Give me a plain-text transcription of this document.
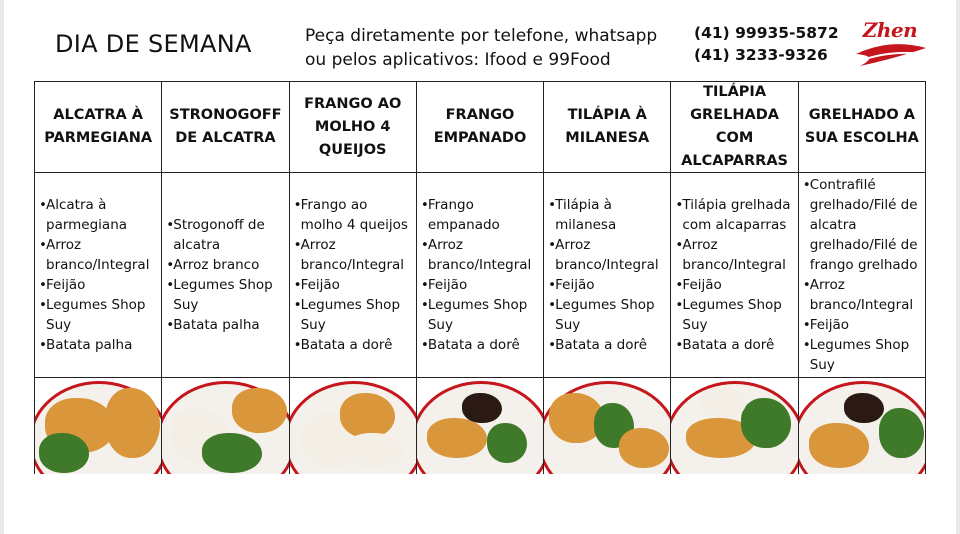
DIA DE SEMANA	Peça diretamente por telefone, whatsapp
ou pelos aplicativos: Ifood e 99Food
(41) 99935-5872
(41) 3233-9326
Zhen
ALCATRA À PARMEGIANA
STRONOGOFF DE ALCATRA
FRANGO AO MOLHO 4 QUEIJOS
FRANGO EMPANADO
TILÁPIA À MILANESA
TILÁPIA GRELHADA COM ALCAPARRAS
GRELHADO A SUA ESCOLHA
• Alcatra à parmegiana
• Arroz branco/Integral
• Feijão
• Legumes Shop Suy
• Batata palha
• Strogonoff de alcatra
• Arroz branco
• Legumes Shop Suy
• Batata palha
• Frango ao molho 4 queijos
• Arroz branco/Integral
• Feijão
• Legumes Shop Suy
• Batata a dorê
• Frango empanado
• Arroz branco/Integral
• Feijão
• Legumes Shop Suy
• Batata a dorê
• Tilápia à milanesa
• Arroz branco/Integral
• Feijão
• Legumes Shop Suy
• Batata a dorê
• Tilápia grelhada com alcaparras
• Arroz branco/Integral
• Feijão
• Legumes Shop Suy
• Batata a dorê
• Contrafilé grelhado/Filé de alcatra grelhado/Filé de frango grelhado
• Arroz branco/Integral
• Feijão
• Legumes Shop Suy
